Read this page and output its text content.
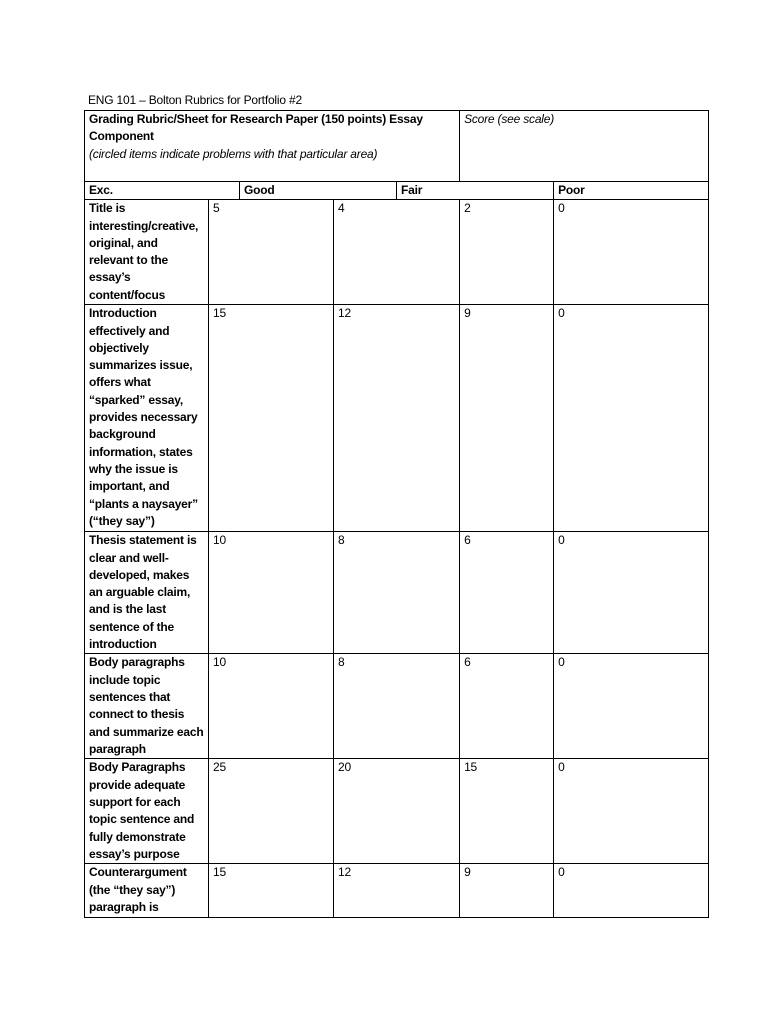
ENG 101 – Bolton Rubrics for Portfolio #2
Grading Rubric/Sheet for Research Paper (150 points) Essay Component
(circled items indicate problems with that particular area)					Score (see scale)	

Exc.		Good		Fair		Poor
Title is interesting/creative, original, and relevant to the essay’s content/focus	5		4		2	0
Introduction effectively and objectively summarizes issue, offers what “sparked” essay, provides necessary background information, states why the issue is important, and “plants a naysayer” (“they say”)	15		12		9	0
Thesis statement is clear and well-developed, makes an arguable claim, and is the last sentence of the introduction	10		8		6	0
Body paragraphs include topic sentences that connect to thesis and summarize each paragraph	10		8		6	0
Body Paragraphs provide adequate support for each topic sentence and fully demonstrate essay’s purpose	25		20		15	0
Counterargument (the “they say”) paragraph is	15		12		9	0
